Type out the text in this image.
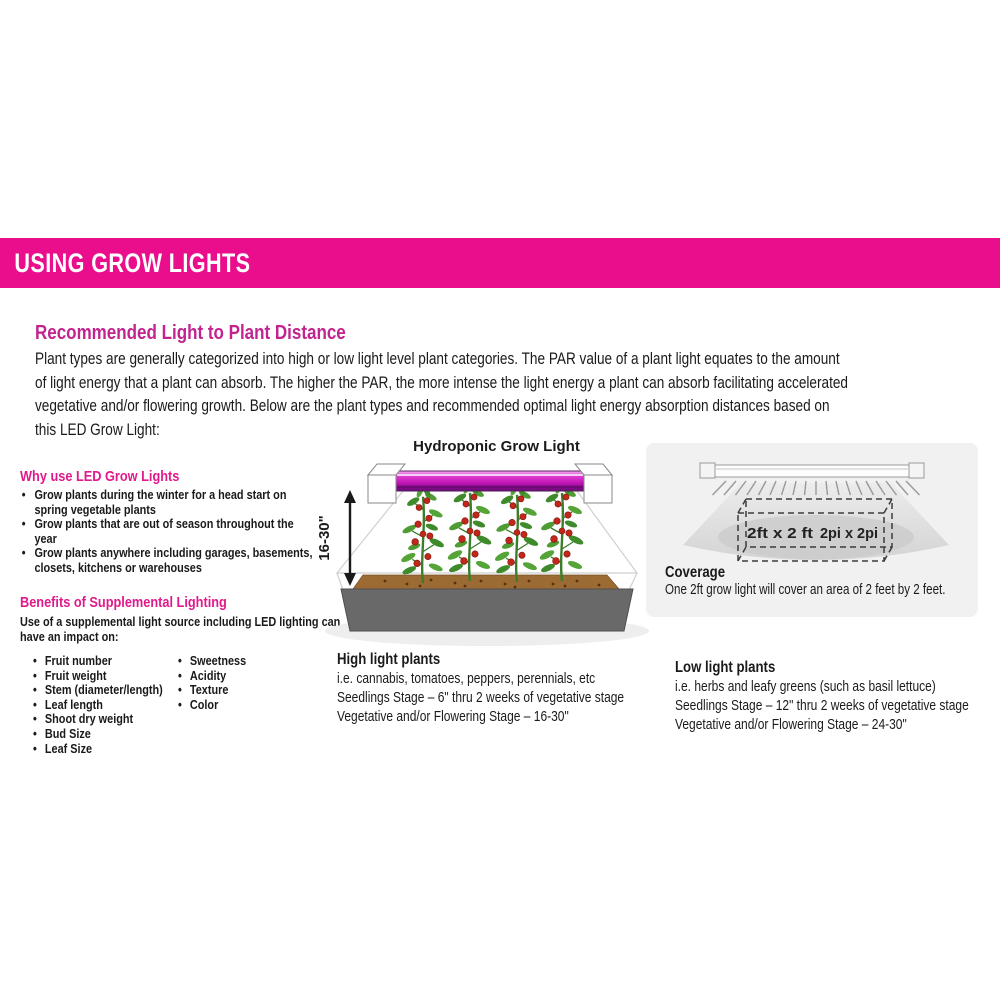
USING GROW LIGHTS
Recommended Light to Plant Distance
Plant types are generally categorized into high or low light level plant categories. The PAR value of a plant light equates to the amount
of light energy that a plant can absorb. The higher the PAR, the more intense the light energy a plant can absorb facilitating accelerated
vegetative and/or flowering growth. Below are the plant types and recommended optimal light energy absorption distances based on
this LED Grow Light:

Why use LED Grow Lights

• Grow plants during the winter for a head start on spring vegetable plants
• Grow plants that are out of season throughout the year
• Grow plants anywhere including garages, basements, closets, kitchens or warehouses

Benefits of Supplemental Lighting

Use of a supplemental light source including LED lighting can
have an impact on:
• Fruit number
• Fruit weight
• Stem (diameter/length)
• Leaf length
• Shoot dry weight
• Bud Size
• Leaf Size
• Sweetness
• Acidity
• Texture
• Color

Hydroponic Grow Light

16-30"	2ft x 2 ft 2pi x 2pi
Coverage
One 2ft grow light will cover an area of 2 feet by 2 feet.

High light plants

i.e. cannabis, tomatoes, peppers, perennials, etc
Seedlings Stage – 6" thru 2 weeks of vegetative stage
Vegetative and/or Flowering Stage – 16-30"

Low light plants

i.e. herbs and leafy greens (such as basil lettuce)
Seedlings Stage – 12" thru 2 weeks of vegetative stage
Vegetative and/or Flowering Stage – 24-30"
